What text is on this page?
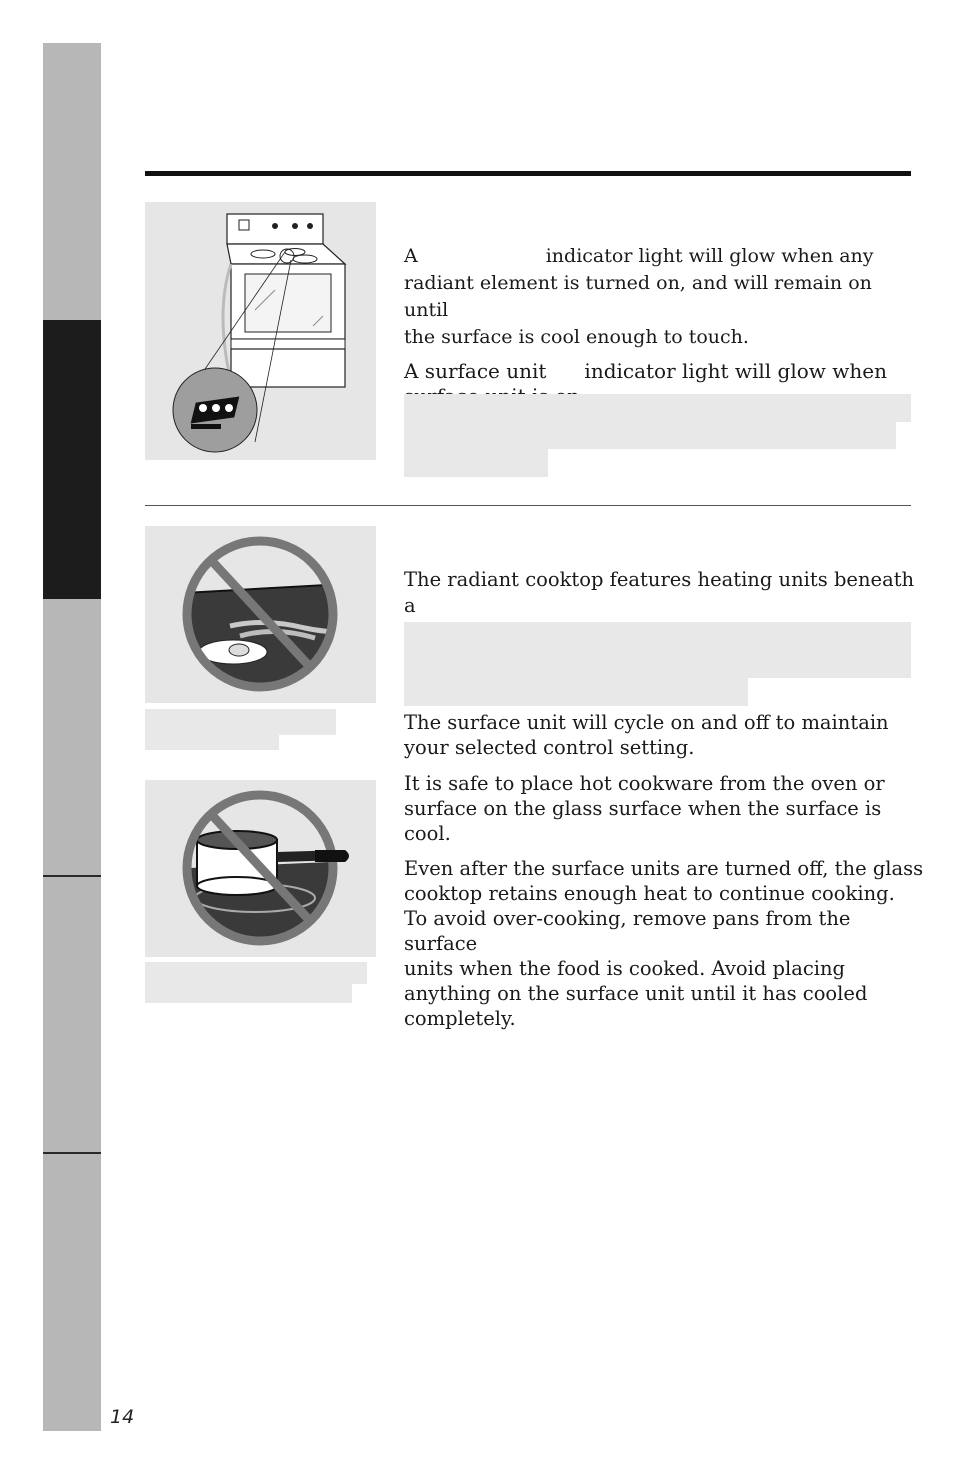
A	indicator light will glow when any
radiant element is turned on, and will remain on until
the surface is cool enough to touch.

A surface unit indicator light will glow when

The radiant cooktop features heating units beneath a

The surface unit will cycle on and off to maintain
your selected control setting.

It is safe to place hot cookware from the oven or
surface on the glass surface when the surface is cool.

Even after the surface units are turned off, the glass
cooktop retains enough heat to continue cooking.
To avoid over-cooking, remove pans from the surface
units when the food is cooked. Avoid placing
anything on the surface unit until it has cooled
completely.

14
